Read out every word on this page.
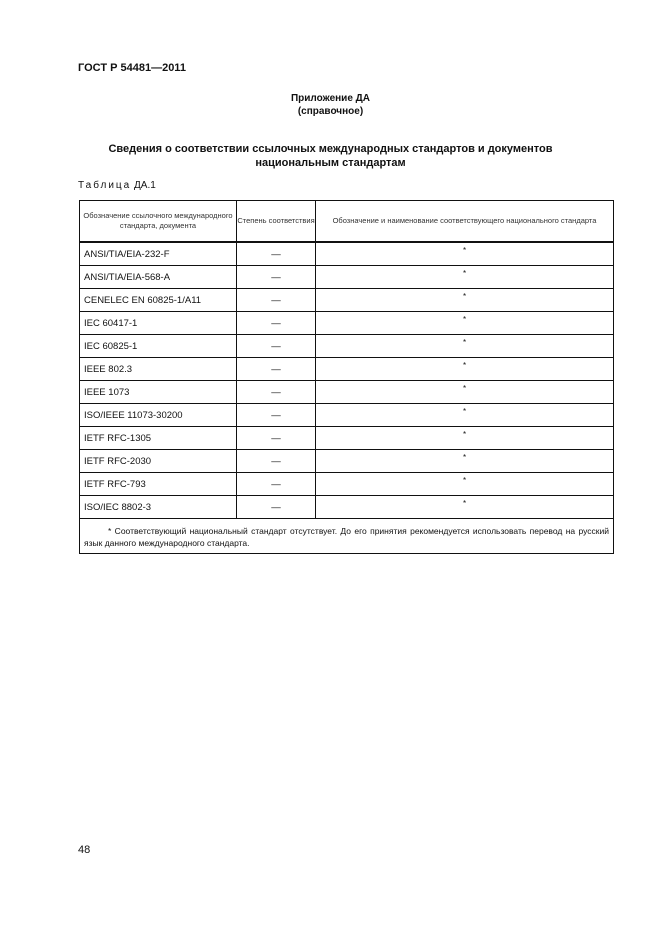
ГОСТ Р 54481—2011
Приложение ДА
(справочное)
Сведения о соответствии ссылочных международных стандартов и документов
национальным стандартам
Таблица ДА.1
Обозначение ссылочного международного стандарта, документа	Степень соответствия	Обозначение и наименование соответствующего национального стандарта
ANSI/TIA/EIA-232-F	—	*
ANSI/TIA/EIA-568-A	—	*
CENELEC EN 60825-1/A11	—	*
IEC 60417-1	—	*
IEC 60825-1	—	*
IEEE 802.3	—	*
IEEE 1073	—	*
ISO/IEEE 11073-30200	—	*
IETF RFC-1305	—	*
IETF RFC-2030	—	*
IETF RFC-793	—	*
ISO/IEC 8802-3	—	*
* Соответствующий национальный стандарт отсутствует. До его принятия рекомендуется использовать перевод на русский язык данного международного стандарта.		
48
